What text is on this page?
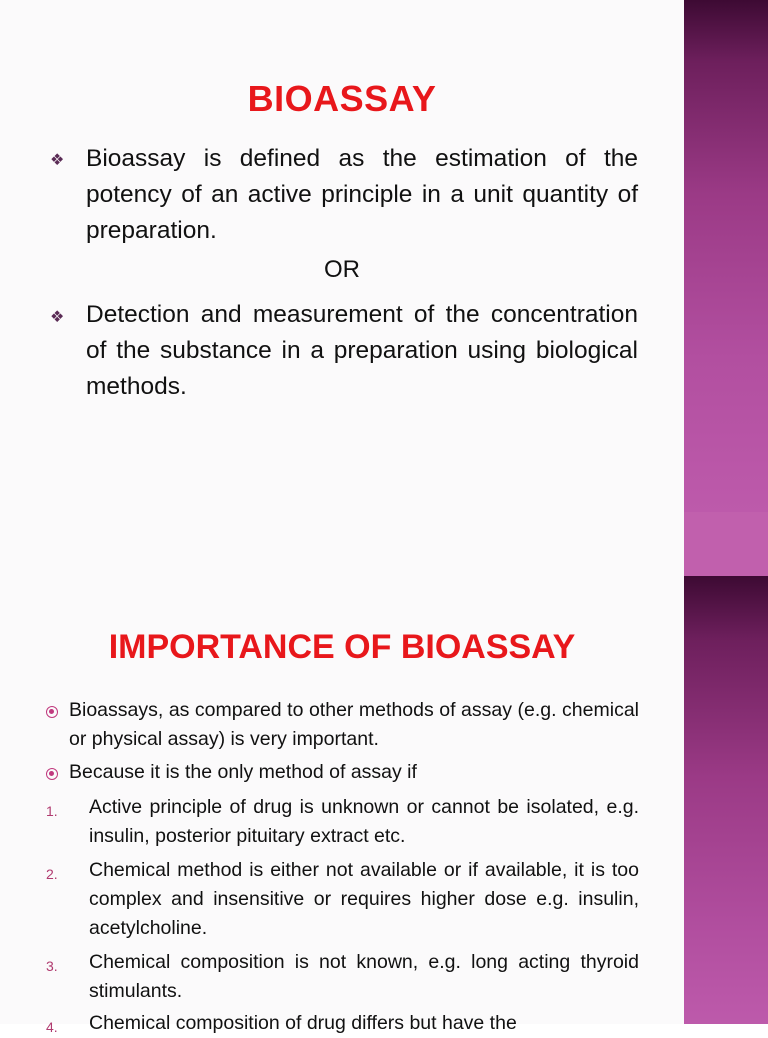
BIOASSAY
❖ Bioassay is defined as the estimation of the potency of an active principle in a unit quantity of preparation.
OR
❖ Detection and measurement of the concentration of the substance in a preparation using biological methods.
IMPORTANCE OF BIOASSAY
Bioassays, as compared to other methods of assay (e.g. chemical or physical assay) is very important.
Because it is the only method of assay if
1. Active principle of drug is unknown or cannot be isolated, e.g. insulin, posterior pituitary extract etc.
2. Chemical method is either not available or if available, it is too complex and insensitive or requires higher dose e.g. insulin, acetylcholine.
3. Chemical composition is not known, e.g. long acting thyroid stimulants.
4. Chemical composition of drug differs but have the
